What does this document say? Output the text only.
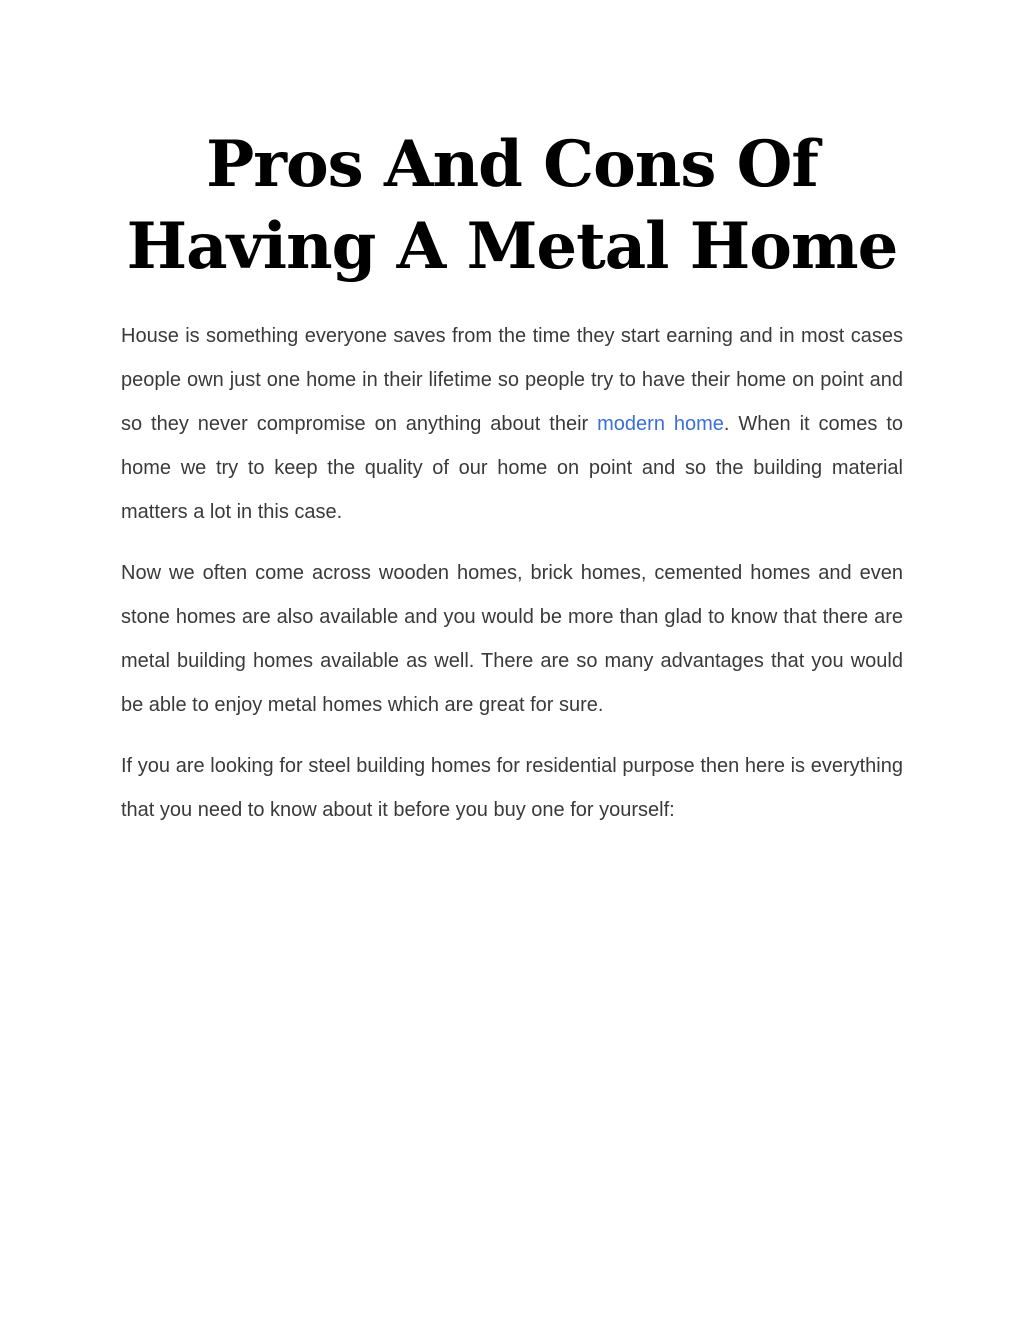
Pros And Cons Of
Having A Metal Home

House is something everyone saves from the time they start earning and in most cases people own just one home in their lifetime so people try to have their home on point and so they never compromise on anything about their modern home. When it comes to home we try to keep the quality of our home on point and so the building material matters a lot in this case.

Now we often come across wooden homes, brick homes, cemented homes and even stone homes are also available and you would be more than glad to know that there are metal building homes available as well. There are so many advantages that you would be able to enjoy metal homes which are great for sure.

If you are looking for steel building homes for residential purpose then here is everything that you need to know about it before you buy one for yourself:
